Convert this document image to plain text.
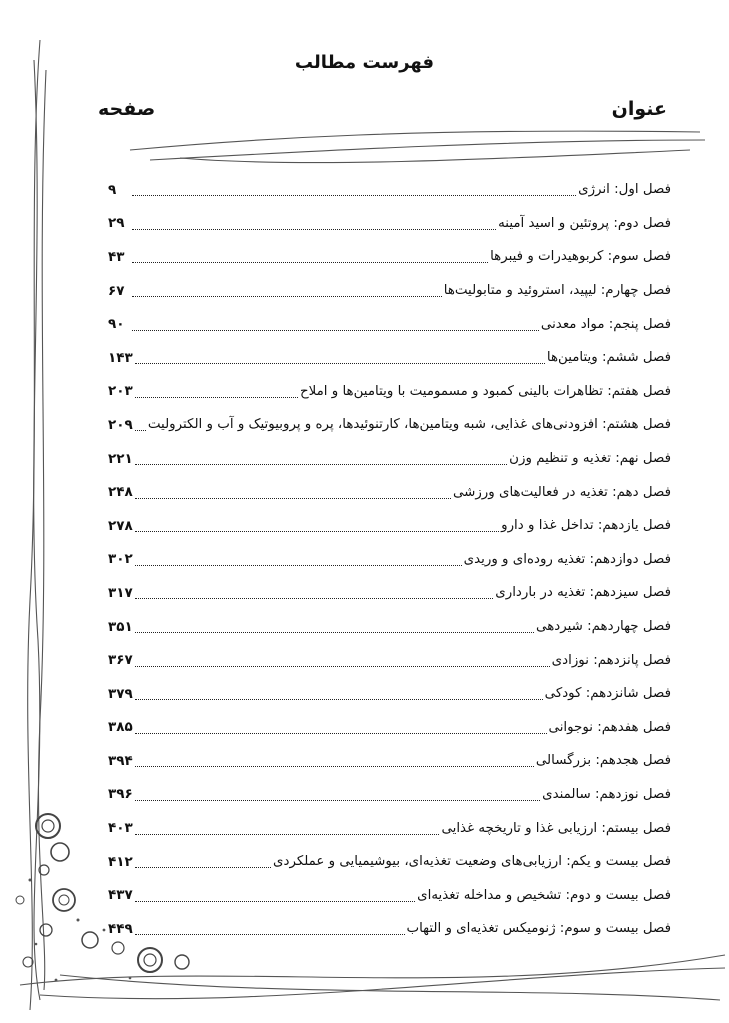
فهرست مطالب
عنوان
صفحه
فصل اول: انرژی
۹
فصل دوم: پروتئین و اسید آمینه
۲۹
فصل سوم: کربوهیدرات و فیبرها
۴۳
فصل چهارم: لیپید، استروئید و متابولیت‌ها
۶۷
فصل پنجم: مواد معدنی
۹۰
فصل ششم: ویتامین‌ها
۱۴۳
فصل هفتم: تظاهرات بالینی کمبود و مسمومیت با ویتامین‌ها و املاح
۲۰۳
فصل هشتم: افزودنی‌های غذایی، شبه ویتامین‌ها، کارتنوئیدها، پره و پروبیوتیک و آب و الکترولیت
۲۰۹
فصل نهم: تغذیه و تنظیم وزن
۲۲۱
فصل دهم: تغذیه در فعالیت‌های ورزشی
۲۴۸
فصل یازدهم: تداخل غذا و دارو
۲۷۸
فصل دوازدهم: تغذیه روده‌ای و وریدی
۳۰۲
فصل سیزدهم: تغذیه در بارداری
۳۱۷
فصل چهاردهم: شیردهی
۳۵۱
فصل پانزدهم: نوزادی
۳۶۷
فصل شانزدهم: کودکی
۳۷۹
فصل هفدهم: نوجوانی
۳۸۵
فصل هجدهم: بزرگسالی
۳۹۴
فصل نوزدهم: سالمندی
۳۹۶
فصل بیستم: ارزیابی غذا و تاریخچه غذایی
۴۰۳
فصل بیست و یکم: ارزیابی‌های وضعیت تغذیه‌ای، بیوشیمیایی و عملکردی
۴۱۲
فصل بیست و دوم: تشخیص و مداخله تغذیه‌ای
۴۳۷
فصل بیست و سوم: ژنومیکس تغذیه‌ای و التهاب
۴۴۹
